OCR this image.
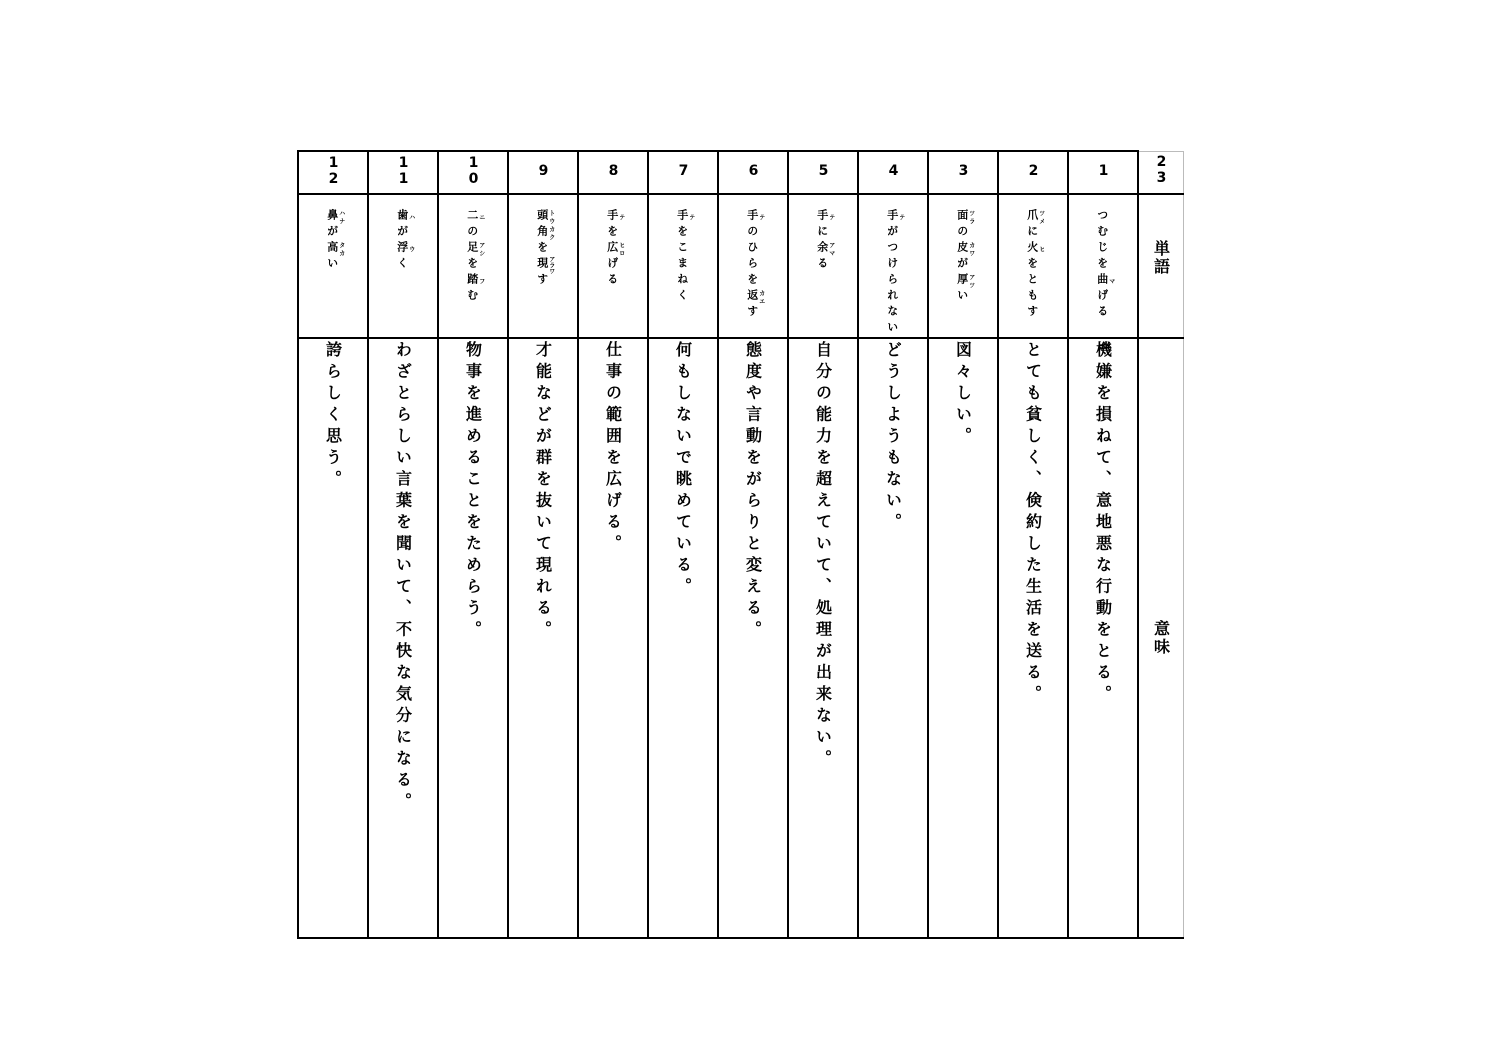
12	11	10	9	8	7	6	5	4	3	2	1	23

鼻 ハナが高 タカい	歯 ハが浮 ウく	二 ニの足 アシを踏 フむ	頭角 トウカクを現 アラワす	手 テを広 ヒロげる	手 テをこまねく	手 テのひらを返 カエす	手 テに余 アマる	手 テがつけられない	面 ツラの皮 カワが厚 アツい	爪 ツメに火 ヒをともす	つむじを曲 マげる	単語

誇らしく思う。	わざとらしい言葉を聞いて、不快な気分になる。	物事を進めることをためらう。	才能などが群を抜いて現れる。	仕事の範囲を広げる。	何もしないで眺めている。	態度や言動をがらりと変える。	自分の能力を超えていて、処理が出来ない。	どうしようもない。	図々しい。	とても貧しく、倹約した生活を送る。	機嫌を損ねて、意地悪な行動をとる。	意味
